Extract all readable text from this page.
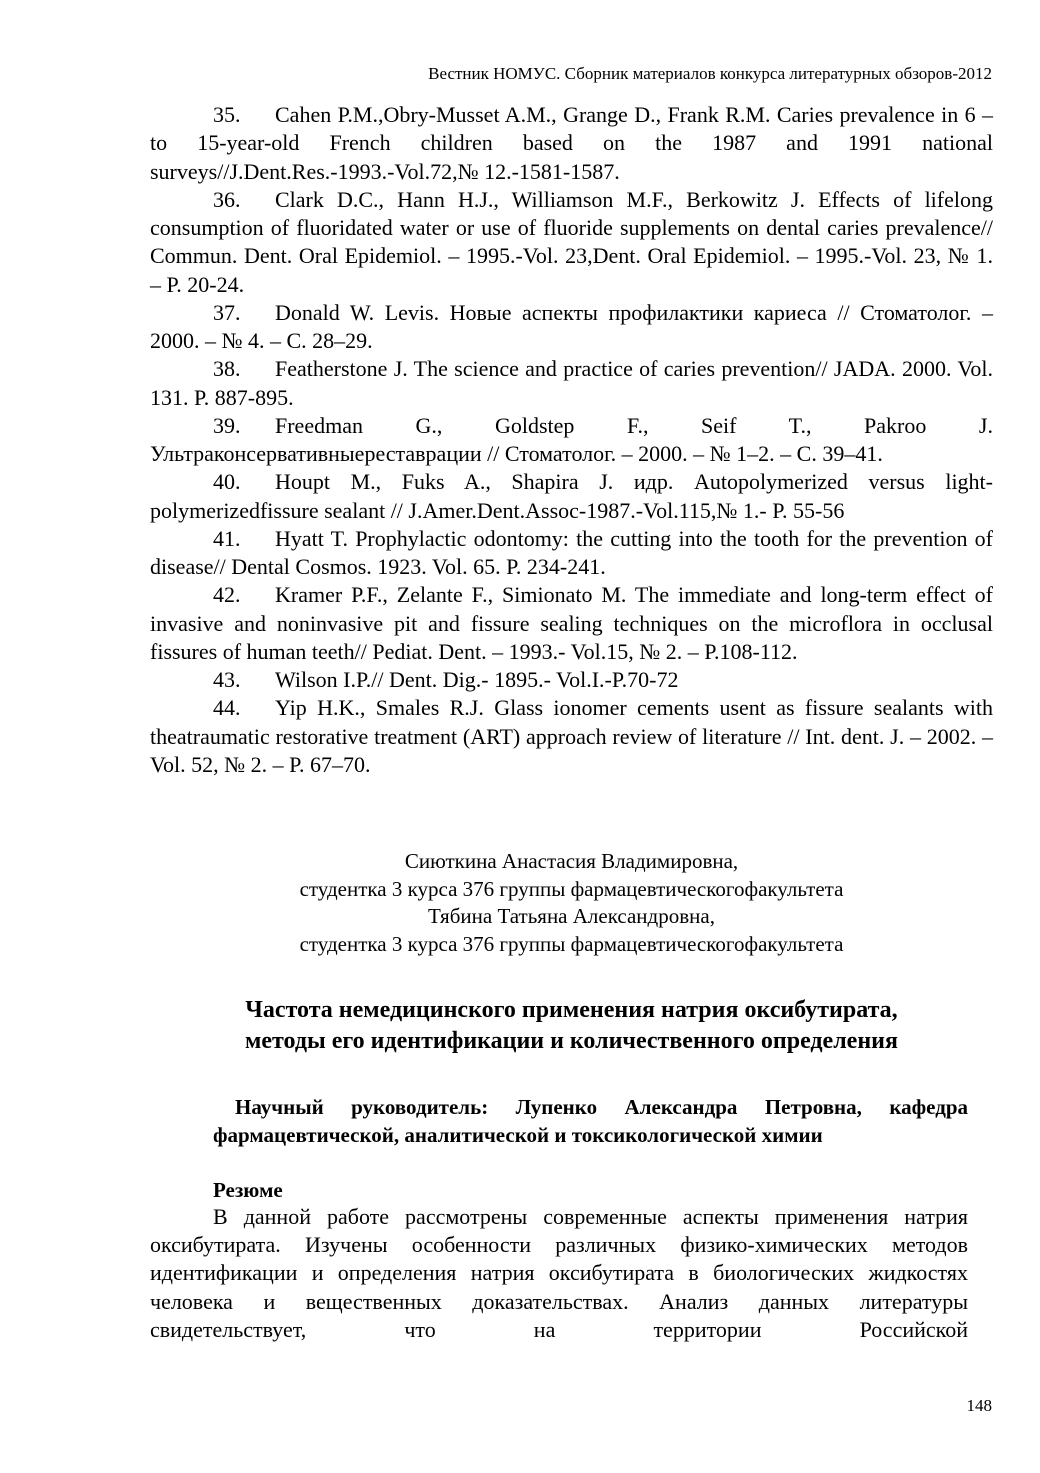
Вестник НОМУС. Сборник материалов конкурса литературных обзоров-2012

35. Cahen P.M.,Obry-Musset A.M., Grange D., Frank R.M. Caries prevalence in 6 – to 15-year-old French children based on the 1987 and 1991 national surveys//J.Dent.Res.-1993.-Vol.72,№ 12.-1581-1587.

36. Clark D.C., Hann H.J., Williamson M.F., Berkowitz J. Effects of lifelong consumption of fluoridated water or use of fluoride supplements on dental caries prevalence// Commun. Dent. Oral Epidemiol. – 1995.-Vol. 23,Dent. Oral Epidemiol. – 1995.-Vol. 23, № 1. – P. 20-24.

37. Donald W. Levis. Новые аспекты профилактики кариеса // Стоматолог. – 2000. – № 4. – С. 28–29.

38. Featherstone J. The science and practice of caries prevention// JADA. 2000. Vol. 131. P. 887-895.

39. Freedman G., Goldstep F., Seif T., Pakroo J. Ультраконсервативныереставрации // Стоматолог. – 2000. – № 1–2. – С. 39–41.

40. Houpt M., Fuks A., Shapira J. идр. Autopolymerized versus light-polymerizedfissure sealant // J.Amer.Dent.Assoc-1987.-Vol.115,№ 1.- P. 55-56

41. Hyatt T. Prophylactic odontomy: the cutting into the tooth for the prevention of disease// Dental Cosmos. 1923. Vol. 65. P. 234-241.

42. Kramer P.F., Zelante F., Simionato M. The immediate and long-term effect of invasive and noninvasive pit and fissure sealing techniques on the microflora in occlusal fissures of human teeth// Pediat. Dent. – 1993.- Vol.15, № 2. – P.108-112.

43. Wilson I.P.// Dent. Dig.- 1895.- Vol.I.-P.70-72

44. Yip H.K., Smales R.J. Glass ionomer cements usent as fissure sealants with theatraumatic restorative treatment (ART) approach review of literature // Int. dent. J. – 2002. –Vol. 52, № 2. – P. 67–70.

Сиюткина Анастасия Владимировна,

студентка 3 курса 376 группы фармацевтическогофакультета

Тябина Татьяна Александровна,

студентка 3 курса 376 группы фармацевтическогофакультета

Частота немедицинского применения натрия оксибутирата,

методы его идентификации и количественного определения

Научный руководитель: Лупенко Александра Петровна, кафедра фармацевтической, аналитической и токсикологической химии

Резюме

В данной работе рассмотрены современные аспекты применения натрия оксибутирата. Изучены особенности различных физико-химических методов идентификации и определения натрия оксибутирата в биологических жидкостях человека и вещественных доказательствах. Анализ данных литературы свидетельствует, что на территории Российской

148
